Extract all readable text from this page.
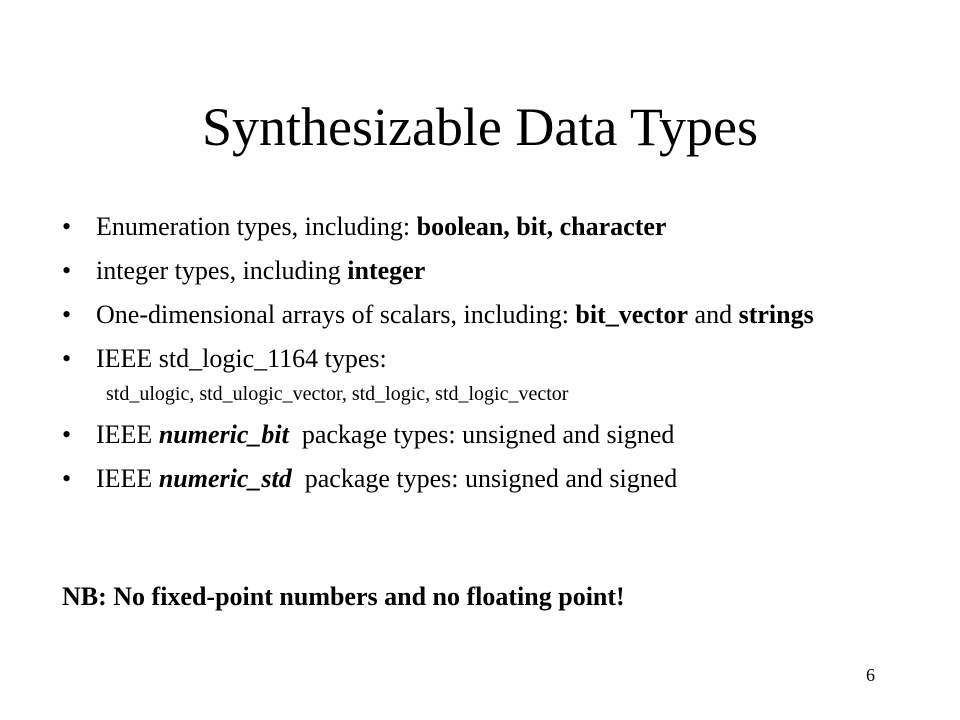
Synthesizable Data Types
• Enumeration types, including: boolean, bit, character
• integer types, including integer
• One-dimensional arrays of scalars, including: bit_vector and strings
• IEEE std_logic_1164 types:
std_ulogic, std_ulogic_vector, std_logic, std_logic_vector
• IEEE numeric_bit  package types: unsigned and signed
• IEEE numeric_std  package types: unsigned and signed

NB: No fixed-point numbers and no floating point!

6
